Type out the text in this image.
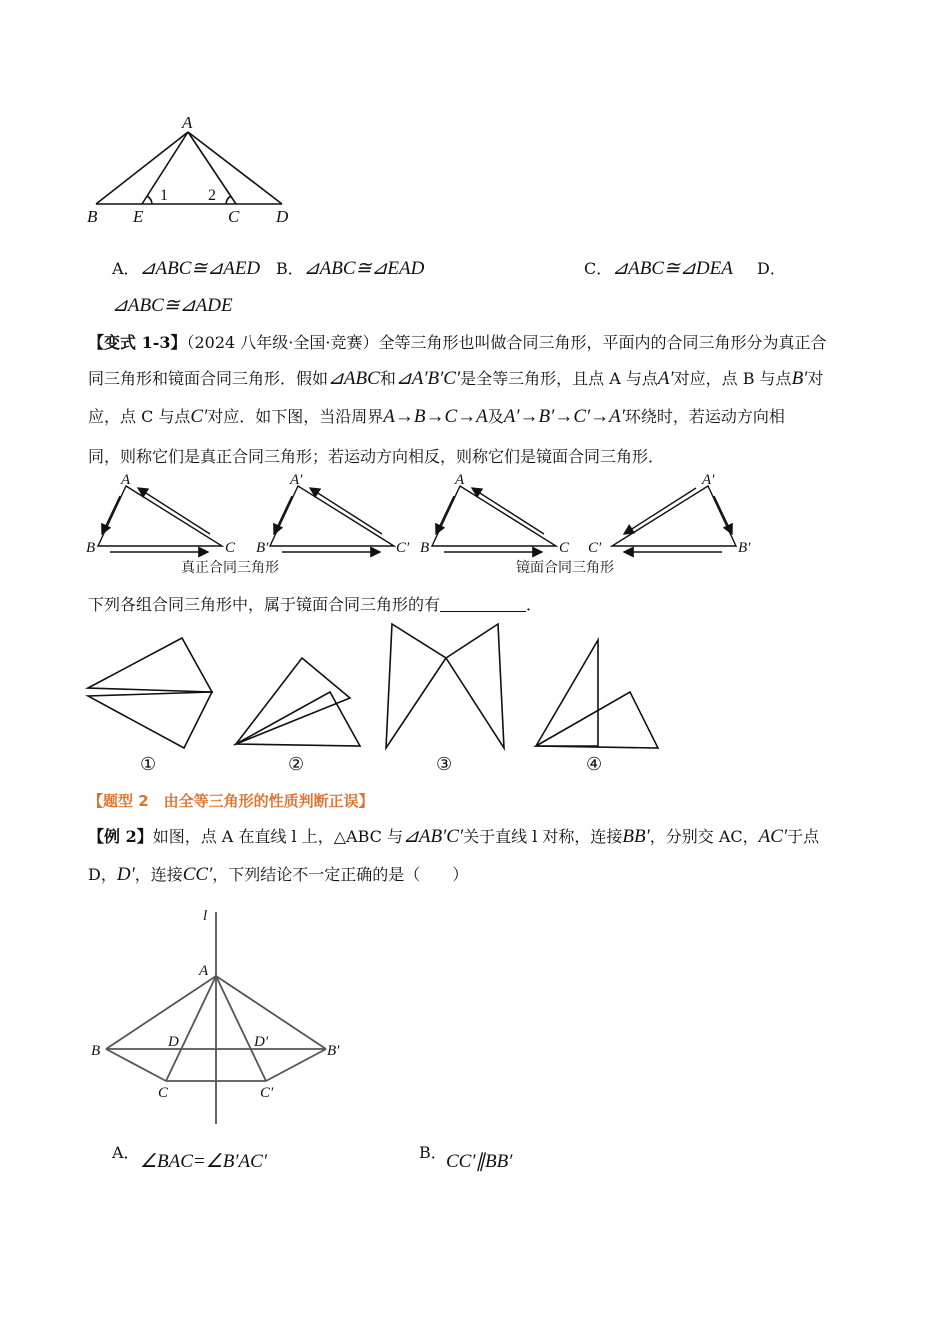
A
B E	C D
1	2
A．⊿ABC≅⊿AED B．⊿ABC≅⊿EAD	C．⊿ABC≅⊿DEA D．
⊿ABC≅⊿ADE
【变式 1-3】（2024 八年级·全国·竞赛）全等三角形也叫做合同三角形，平面内的合同三角形分为真正合
同三角形和镜面合同三角形．假如⊿ABC和⊿A′B′C′是全等三角形，且点 A 与点A′对应，点 B 与点B′对
应，点 C 与点C′对应．如下图，当沿周界A→B→C→A及A′→B′→C′→A′环绕时，若运动方向相
同，则称它们是真正合同三角形；若运动方向相反，则称它们是镜面合同三角形．
A
B	C
A′
B′	C′
A
B	C
A′
B′
C′
真正合同三角形	镜面合同三角形
下列各组合同三角形中，属于镜面合同三角形的有	．
①	②	③	④
【题型 2　由全等三角形的性质判断正误】
【例 2】如图，点 A 在直线 l 上，△ABC 与⊿AB′C′关于直线 l 对称，连接BB′，分别交 AC，AC′于点
D，D′，连接CC′，下列结论不一定正确的是（　　）
l
A
B	B′
D	D′
C	C′
A． ∠BAC=∠B′AC′	B． CC′∥BB′
